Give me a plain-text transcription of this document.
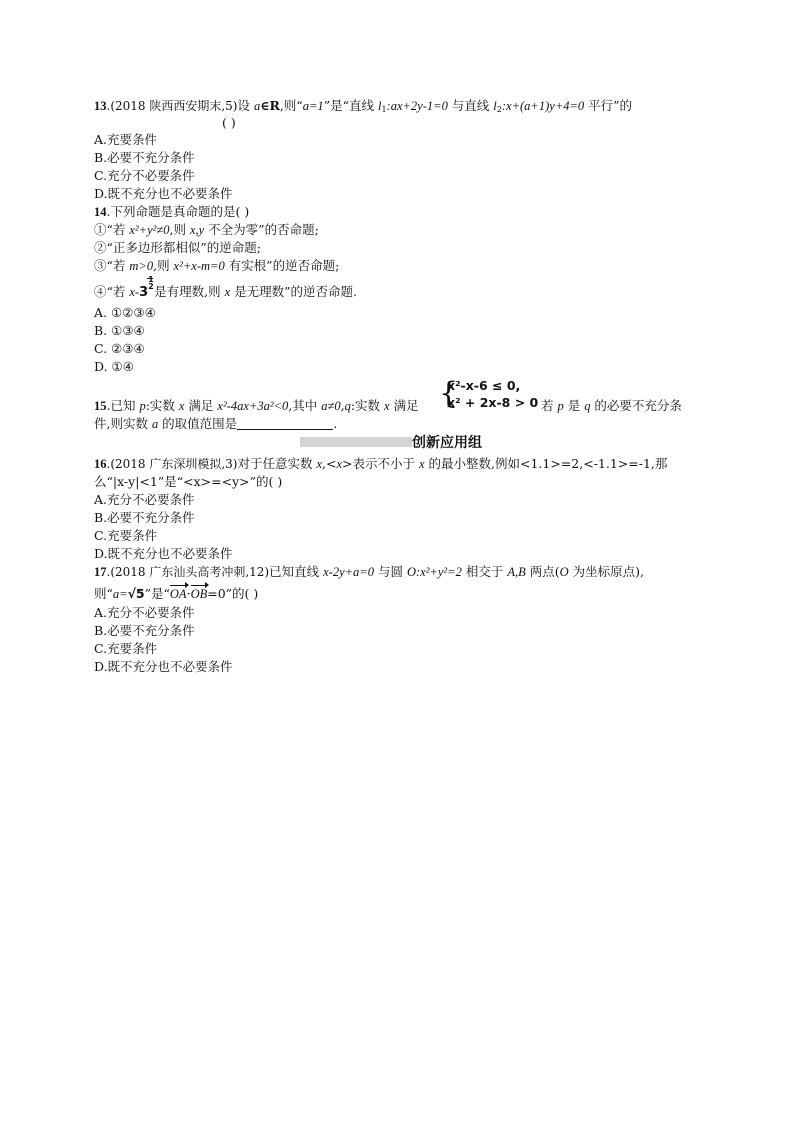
13.(2018 陕西西安期末,5)设 a∈R,则“a=1”是“直线 $l_1:ax+2y-1=0$ 与直线 $l_2:x+(a+1)y+4=0$ 平行”的
( )
A.充要条件
B.必要不充分条件
C.充分不必要条件
D.既不充分也不必要条件
14.下列命题是真命题的是( )
①“若 x²+y²≠0,则 x,y 不全为零”的否命题;
②“正多边形都相似”的逆命题;
③“若 m>0,则 x²+x-m=0 有实根”的逆否命题;
④“若 x-3
1
2 是有理数,则 x 是无理数”的逆否命题.
A. ①②③④
B. ①③④
C. ②③④
D. ①④
15.已知 p:实数 x 满足 x²-4ax+3a²<0,其中 a≠0,q:实数 x 满足 {
x²-x-6 ≤ 0,
x² + 2x-8 > 0 若 p 是 q 的必要不充分条
件,则实数 a 的取值范围是	.
创新应用组
16.(2018 广东深圳模拟,3)对于任意实数 x,<x>表示不小于 x 的最小整数,例如<1.1>=2,<-1.1>=-1,那
么“|x-y|<1”是“<x>=<y>”的( )
A.充分不必要条件
B.必要不充分条件
C.充要条件
D.既不充分也不必要条件
17.(2018 广东汕头高考冲刺,12)已知直线 x-2y+a=0 与圆 O:x²+y²=2 相交于 A,B 两点(O 为坐标原点),
则“a=√5”是“OA·OB=0”的( )
A.充分不必要条件
B.必要不充分条件
C.充要条件
D.既不充分也不必要条件
